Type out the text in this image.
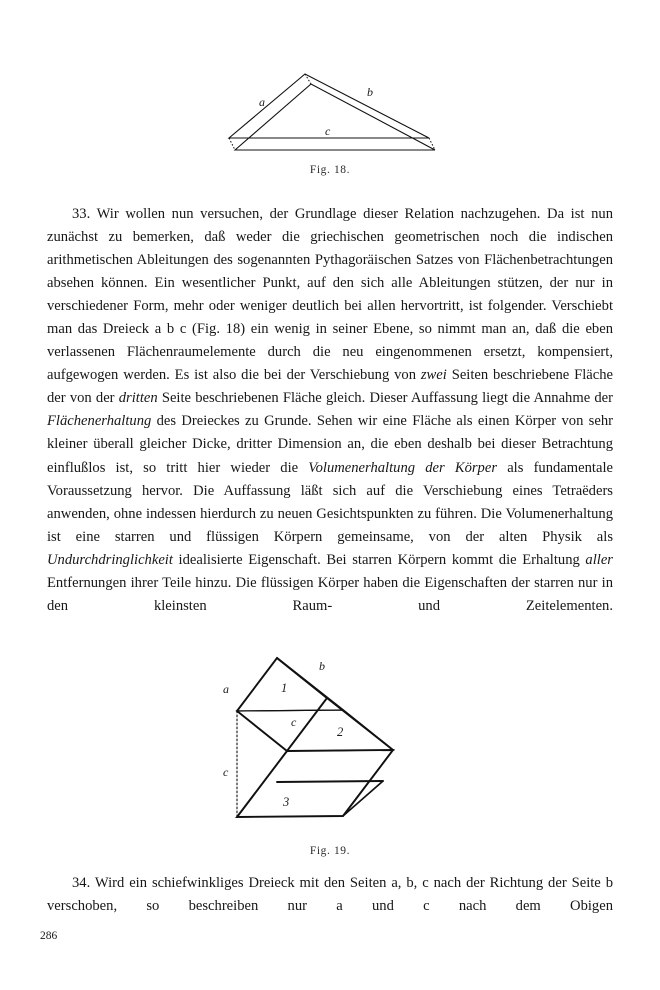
a
b
c
Fig. 18.

33. Wir wollen nun versuchen, der Grundlage dieser Relation nachzugehen. Da ist nun zunächst zu bemerken, daß weder die griechischen geometrischen noch die indischen arithmetischen Ableitungen des sogenannten Pythagoräischen Satzes von Flächenbetrachtungen absehen können. Ein wesentlicher Punkt, auf den sich alle Ableitungen stützen, der nur in verschiedener Form, mehr oder weniger deutlich bei allen hervortritt, ist folgender. Verschiebt man das Dreieck a b c (Fig. 18) ein wenig in seiner Ebene, so nimmt man an, daß die eben verlassenen Flächenraumelemente durch die neu eingenommenen ersetzt, kompensiert, aufgewogen werden. Es ist also die bei der Verschiebung von zwei Seiten beschriebene Fläche der von der dritten Seite beschriebenen Fläche gleich. Dieser Auffassung liegt die Annahme der Flächenerhaltung des Dreieckes zu Grunde. Sehen wir eine Fläche als einen Körper von sehr kleiner überall gleicher Dicke, dritter Dimension an, die eben deshalb bei dieser Betrachtung einflußlos ist, so tritt hier wieder die Volumenerhaltung der Körper als fundamentale Voraussetzung hervor. Die Auffassung läßt sich auf die Verschiebung eines Tetraëders anwenden, ohne indessen hierdurch zu neuen Gesichtspunkten zu führen. Die Volumenerhaltung ist eine starren und flüssigen Körpern gemeinsame, von der alten Physik als Undurchdringlichkeit idealisierte Eigenschaft. Bei starren Körpern kommt die Erhaltung aller Entfernungen ihrer Teile hinzu. Die flüssigen Körper haben die Eigenschaften der starren nur in den kleinsten Raum- und Zeitelementen.

a
b
c
c
1
2
3
Fig. 19.

34. Wird ein schiefwinkliges Dreieck mit den Seiten a, b, c nach der Richtung der Seite b verschoben, so beschreiben nur a und c nach dem Obigen

286
